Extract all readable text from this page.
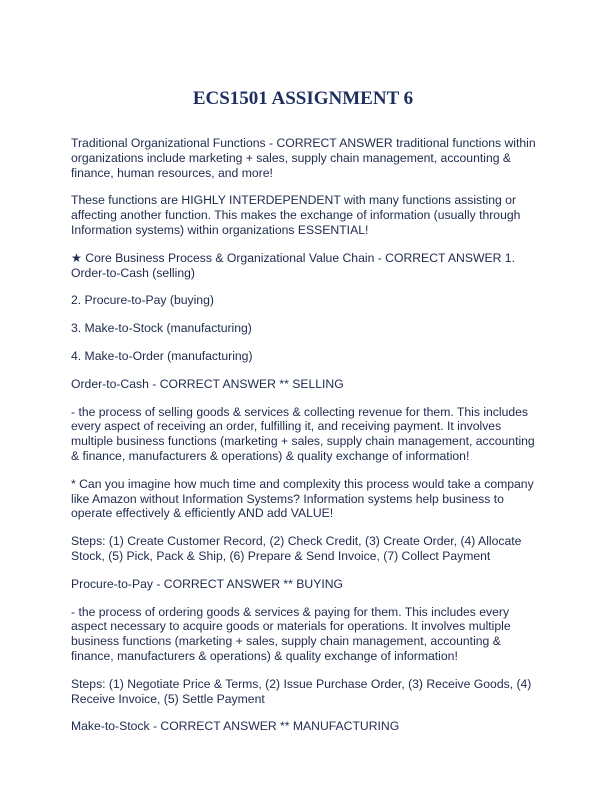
ECS1501 ASSIGNMENT 6

Traditional Organizational Functions - CORRECT ANSWER traditional functions within organizations include marketing + sales, supply chain management, accounting & finance, human resources, and more!

These functions are HIGHLY INTERDEPENDENT with many functions assisting or affecting another function. This makes the exchange of information (usually through Information systems) within organizations ESSENTIAL!

★ Core Business Process & Organizational Value Chain - CORRECT ANSWER 1. Order-to-Cash (selling)

2. Procure-to-Pay (buying)

3. Make-to-Stock (manufacturing)

4. Make-to-Order (manufacturing)

Order-to-Cash - CORRECT ANSWER ** SELLING

- the process of selling goods & services & collecting revenue for them. This includes every aspect of receiving an order, fulfilling it, and receiving payment. It involves multiple business functions (marketing + sales, supply chain management, accounting & finance, manufacturers & operations) & quality exchange of information!

* Can you imagine how much time and complexity this process would take a company like Amazon without Information Systems? Information systems help business to operate effectively & efficiently AND add VALUE!

Steps: (1) Create Customer Record, (2) Check Credit, (3) Create Order, (4) Allocate Stock, (5) Pick, Pack & Ship, (6) Prepare & Send Invoice, (7) Collect Payment

Procure-to-Pay - CORRECT ANSWER ** BUYING

- the process of ordering goods & services & paying for them. This includes every aspect necessary to acquire goods or materials for operations. It involves multiple business functions (marketing + sales, supply chain management, accounting & finance, manufacturers & operations) & quality exchange of information!

Steps: (1) Negotiate Price & Terms, (2) Issue Purchase Order, (3) Receive Goods, (4) Receive Invoice, (5) Settle Payment

Make-to-Stock - CORRECT ANSWER ** MANUFACTURING
